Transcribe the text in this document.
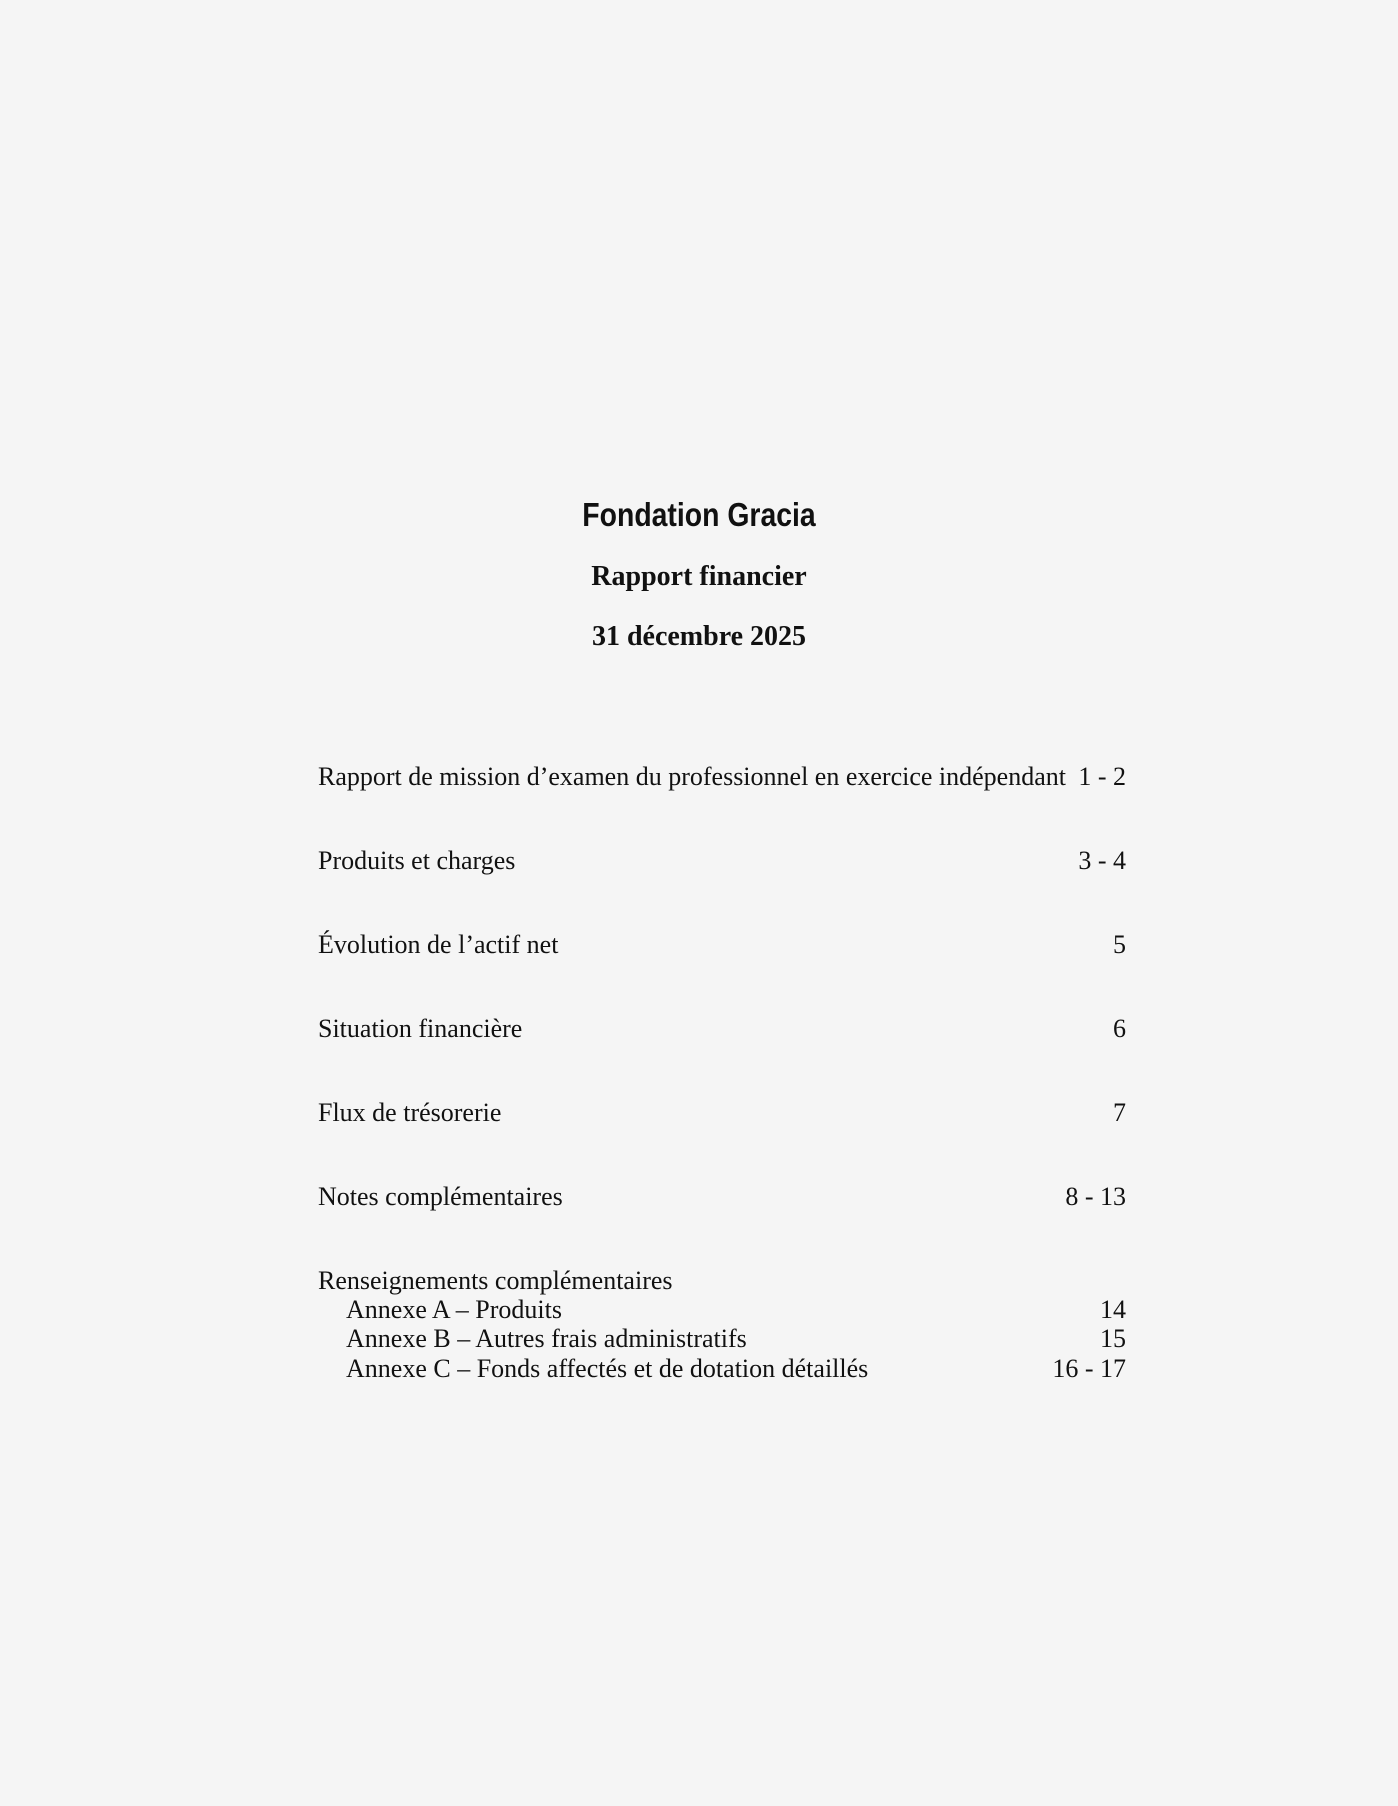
Fondation Gracia
Rapport financier
31 décembre 2025
Rapport de mission d’examen du professionnel en exercice indépendant 1 - 2
Produits et charges	3 - 4
Évolution de l’actif net	5
Situation financière	6
Flux de trésorerie	7
Notes complémentaires	8 - 13
Renseignements complémentaires
Annexe A – Produits	14
Annexe B – Autres frais administratifs	15
Annexe C – Fonds affectés et de dotation détaillés	16 - 17
